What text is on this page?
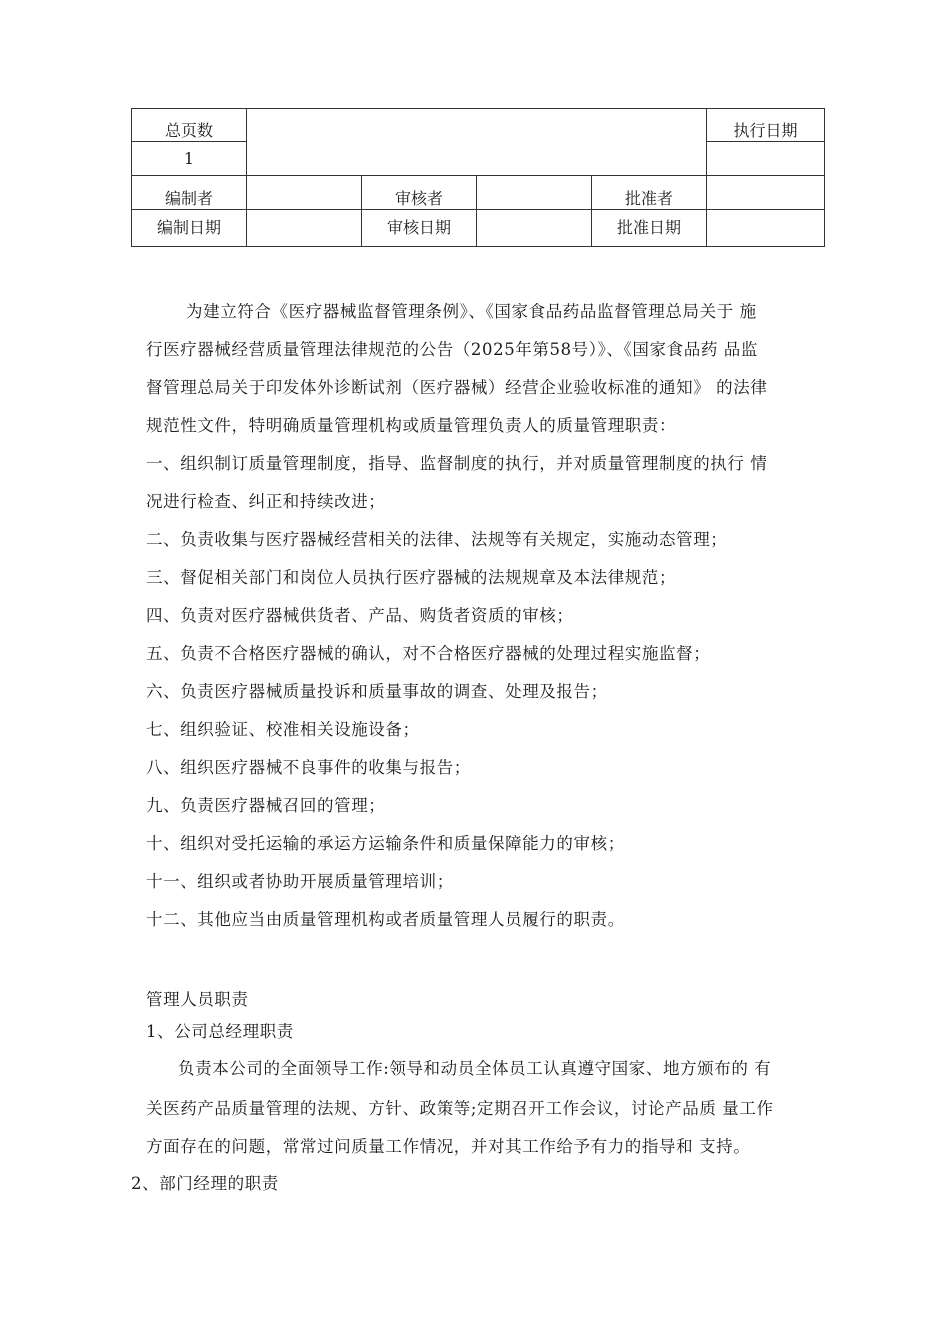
总页数					执行日期
1					
编制者		审核者		批准者	
编制日期		审核日期		批准日期	
为建立符合《医疗器械监督管理条例》、《国家食品药品监督管理总局关于 施
行医疗器械经营质量管理法律规范的公告（2025年第58号）》、《国家食品药 品监
督管理总局关于印发体外诊断试剂（医疗器械）经营企业验收标准的通知》 的法律
规范性文件，特明确质量管理机构或质量管理负责人的质量管理职责：
一、组织制订质量管理制度，指导、监督制度的执行，并对质量管理制度的执行 情
况进行检查、纠正和持续改进；
二、负责收集与医疗器械经营相关的法律、法规等有关规定，实施动态管理；
三、督促相关部门和岗位人员执行医疗器械的法规规章及本法律规范；
四、负责对医疗器械供货者、产品、购货者资质的审核；
五、负责不合格医疗器械的确认，对不合格医疗器械的处理过程实施监督；
六、负责医疗器械质量投诉和质量事故的调查、处理及报告；
七、组织验证、校准相关设施设备；
八、组织医疗器械不良事件的收集与报告；
九、负责医疗器械召回的管理；
十、组织对受托运输的承运方运输条件和质量保障能力的审核；
十一、组织或者协助开展质量管理培训；
十二、其他应当由质量管理机构或者质量管理人员履行的职责。
管理人员职责
1、公司总经理职责
负责本公司的全面领导工作:领导和动员全体员工认真遵守国家、地方颁布的 有
关医药产品质量管理的法规、方针、政策等;定期召开工作会议，讨论产品质 量工作
方面存在的问题，常常过问质量工作情况，并对其工作给予有力的指导和 支持。
2、部门经理的职责
